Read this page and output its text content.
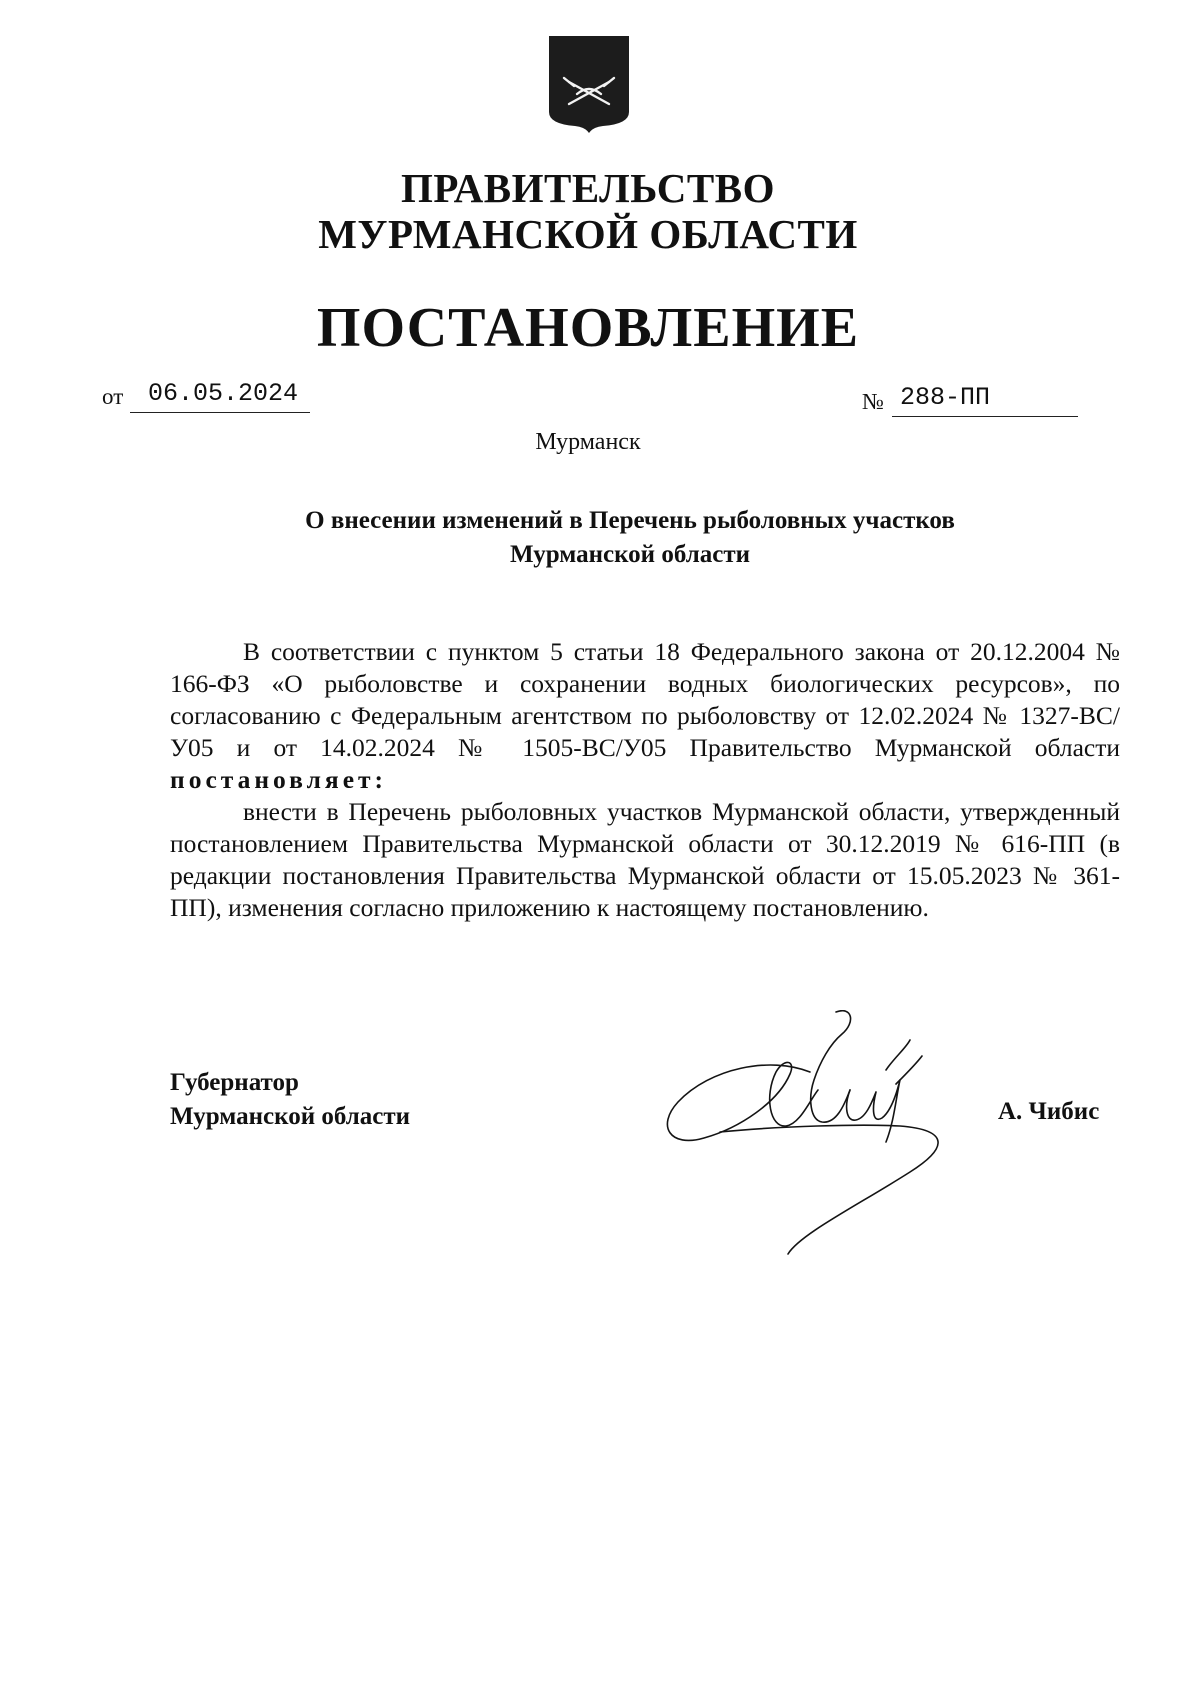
ПРАВИТЕЛЬСТВО
МУРМАНСКОЙ ОБЛАСТИ
ПОСТАНОВЛЕНИЕ
от 06.05.2024	№ 288-ПП
Мурманск
О внесении изменений в Перечень рыболовных участков
Мурманской области

В соответствии с пунктом 5 статьи 18 Федерального закона от 20.12.2004 № 166-ФЗ «О рыболовстве и сохранении водных биологических ресурсов», по согласованию с Федеральным агентством по рыболовству от 12.02.2024 № 1327-ВС/У05 и от 14.02.2024 № 1505-ВС/У05 Правительство Мурманской области постановляет:

внести в Перечень рыболовных участков Мурманской области, утвержденный постановлением Правительства Мурманской области от 30.12.2019 № 616-ПП (в редакции постановления Правительства Мурманской области от 15.05.2023 № 361-ПП), изменения согласно приложению к настоящему постановлению.

Губернатор
Мурманской области	А. Чибис
